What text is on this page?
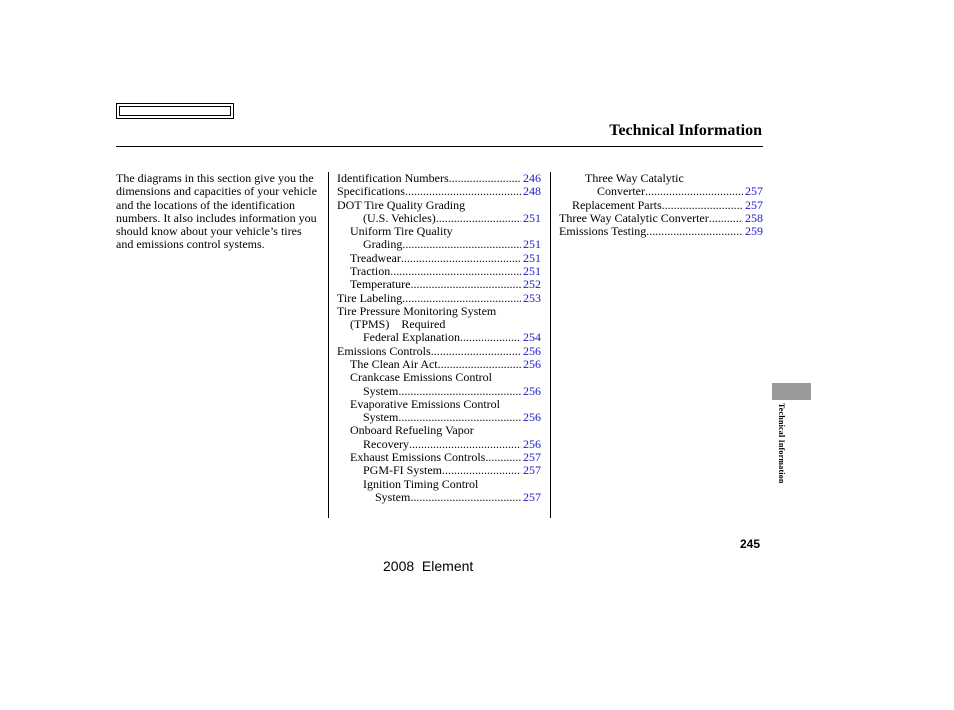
Technical Information
The diagrams in this section give you the dimensions and capacities of your vehicle and the locations of the identification numbers. It also includes information you should know about your vehicle’s tires and emissions control systems.
Identification Numbers .....	246
Specifications .....	248
DOT Tire Quality Grading
(U.S. Vehicles) .....	251
Uniform Tire Quality
Grading .....	251
Treadwear .....	251
Traction .....	251
Temperature .....	252
Tire Labeling .....	253
Tire Pressure Monitoring System
(TPMS)    Required
Federal Explanation .....	254
Emissions Controls .....	256
The Clean Air Act .....	256
Crankcase Emissions Control
System .....	256
Evaporative Emissions Control
System .....	256
Onboard Refueling Vapor
Recovery .....	256
Exhaust Emissions Controls .....	257
PGM-FI System .....	257
Ignition Timing Control
System .....	257
Three Way Catalytic
Converter .....	257
Replacement Parts .....	257
Three Way Catalytic Converter .....	258
Emissions Testing .....	259
Technical Information
245
2008  Element
